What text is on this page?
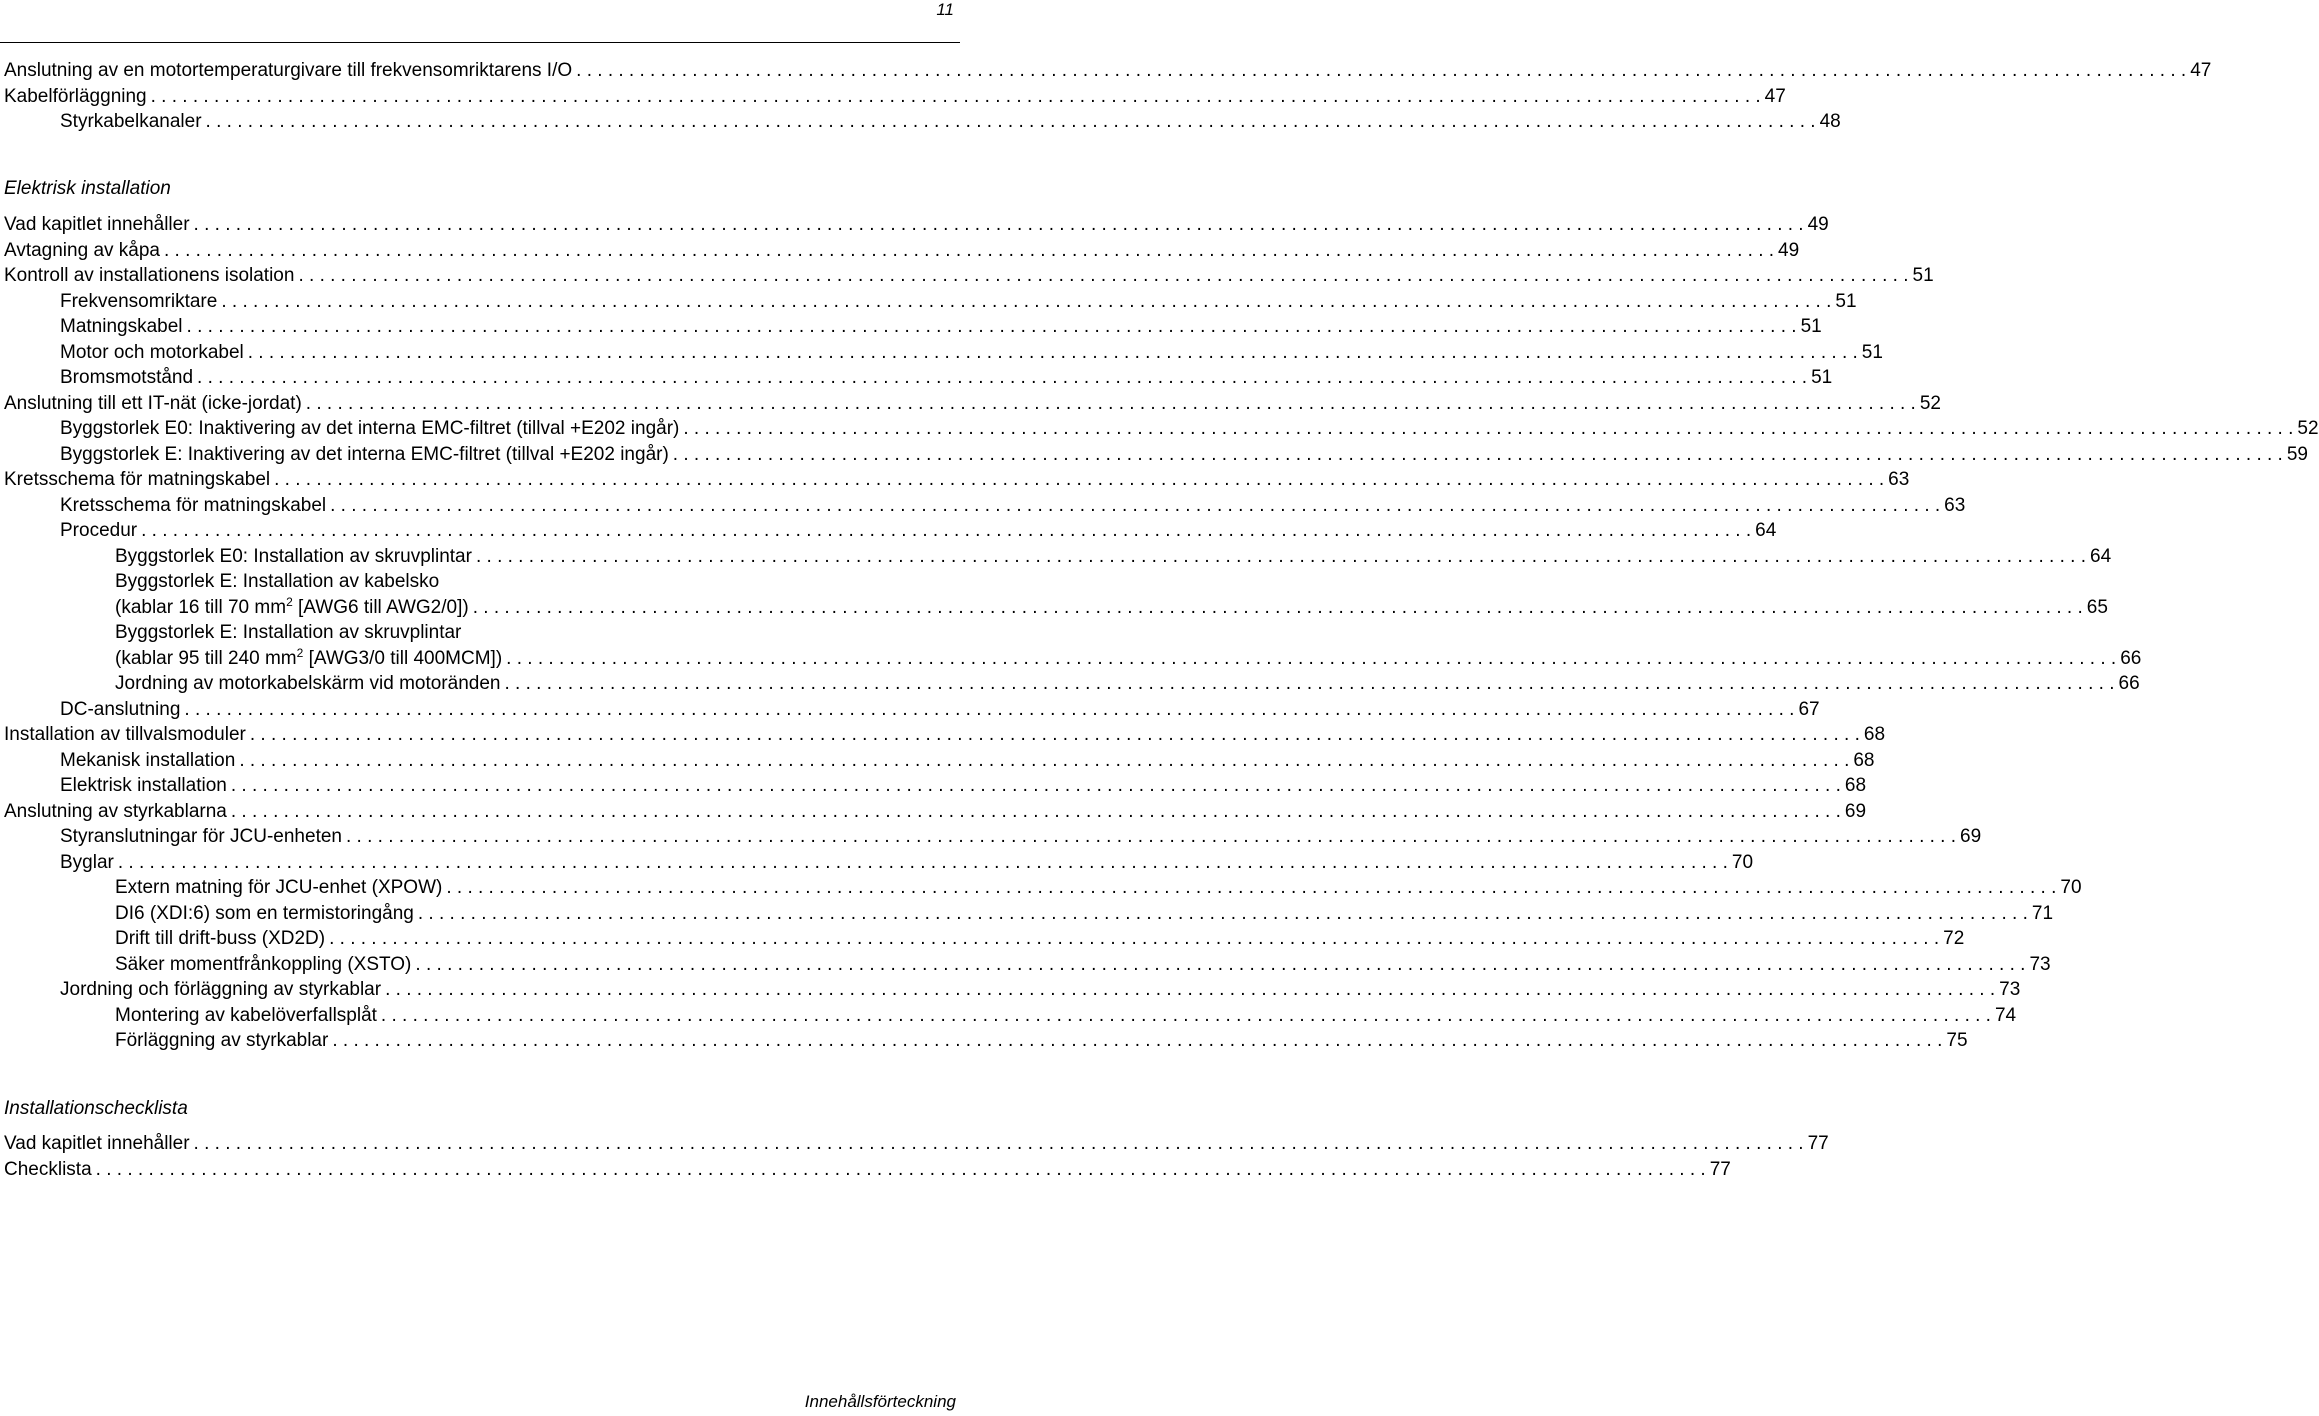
11
Anslutning av en motortemperaturgivare till frekvensomriktarens I/O . . .	47
Kabelförläggning . . .	47
Styrkabelkanaler . . .	48
Elektrisk installation
Vad kapitlet innehåller . . .	49
Avtagning av kåpa . . .	49
Kontroll av installationens isolation . . .	51
Frekvensomriktare . . .	51
Matningskabel . . .	51
Motor och motorkabel . . .	51
Bromsmotstånd . . .	51
Anslutning till ett IT-nät (icke-jordat) . . .	52
Byggstorlek E0: Inaktivering av det interna EMC-filtret (tillval +E202 ingår) . . .	52
Byggstorlek E: Inaktivering av det interna EMC-filtret (tillval +E202 ingår) . . .	59
Kretsschema för matningskabel . . .	63
Kretsschema för matningskabel . . .	63
Procedur . . .	64
Byggstorlek E0: Installation av skruvplintar . . .	64
Byggstorlek E: Installation av kabelsko
(kablar 16 till 70 $mm^2$ [AWG6 till AWG2/0]) . . .	65
Byggstorlek E: Installation av skruvplintar
(kablar 95 till 240 $mm^2$ [AWG3/0 till 400MCM]) . . .	66
Jordning av motorkabelskärm vid motoränden . . .	66
DC-anslutning . . .	67
Installation av tillvalsmoduler . . .	68
Mekanisk installation . . .	68
Elektrisk installation . . .	68
Anslutning av styrkablarna . . .	69
Styranslutningar för JCU-enheten . . .	69
Byglar . . .	70
Extern matning för JCU-enhet (XPOW) . . .	70
DI6 (XDI:6) som en termistoringång . . .	71
Drift till drift-buss (XD2D) . . .	72
Säker momentfrånkoppling (XSTO) . . .	73
Jordning och förläggning av styrkablar . . .	73
Montering av kabelöverfallsplåt . . .	74
Förläggning av styrkablar . . .	75
Installationschecklista
Vad kapitlet innehåller . . .	77
Checklista . . .	77
Innehållsförteckning
